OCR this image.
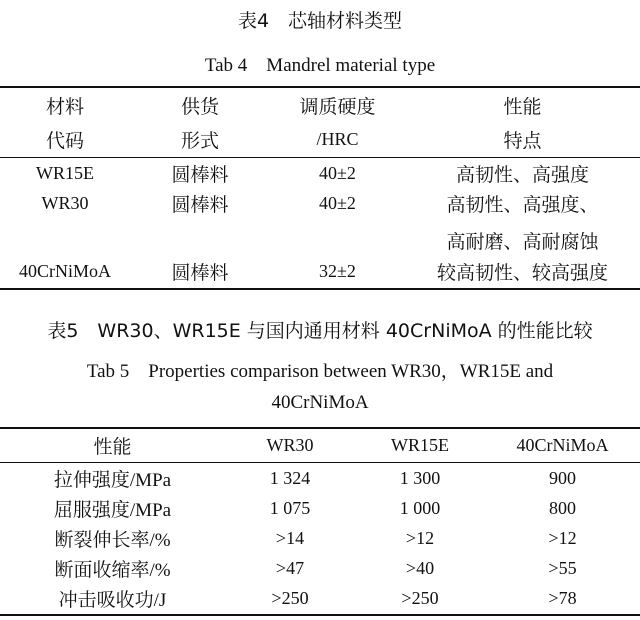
表4　芯轴材料类型
Tab 4　Mandrel material type
材料	供货	调质硬度	性能
代码	形式	/HRC	特点
WR15E	圆棒料	40±2	高韧性、高强度
WR30	圆棒料	40±2	高韧性、高强度、
			高耐磨、高耐腐蚀
40CrNiMoA	圆棒料	32±2	较高韧性、较高强度
表5　WR30、WR15E 与国内通用材料 40CrNiMoA 的性能比较
Tab 5　Properties comparison between WR30，WR15E and
40CrNiMoA
性能	WR30	WR15E	40CrNiMoA
拉伸强度/MPa	1 324	1 300	900
屈服强度/MPa	1 075	1 000	800
断裂伸长率/%	>14	>12	>12
断面收缩率/%	>47	>40	>55
冲击吸收功/J	>250	>250	>78
